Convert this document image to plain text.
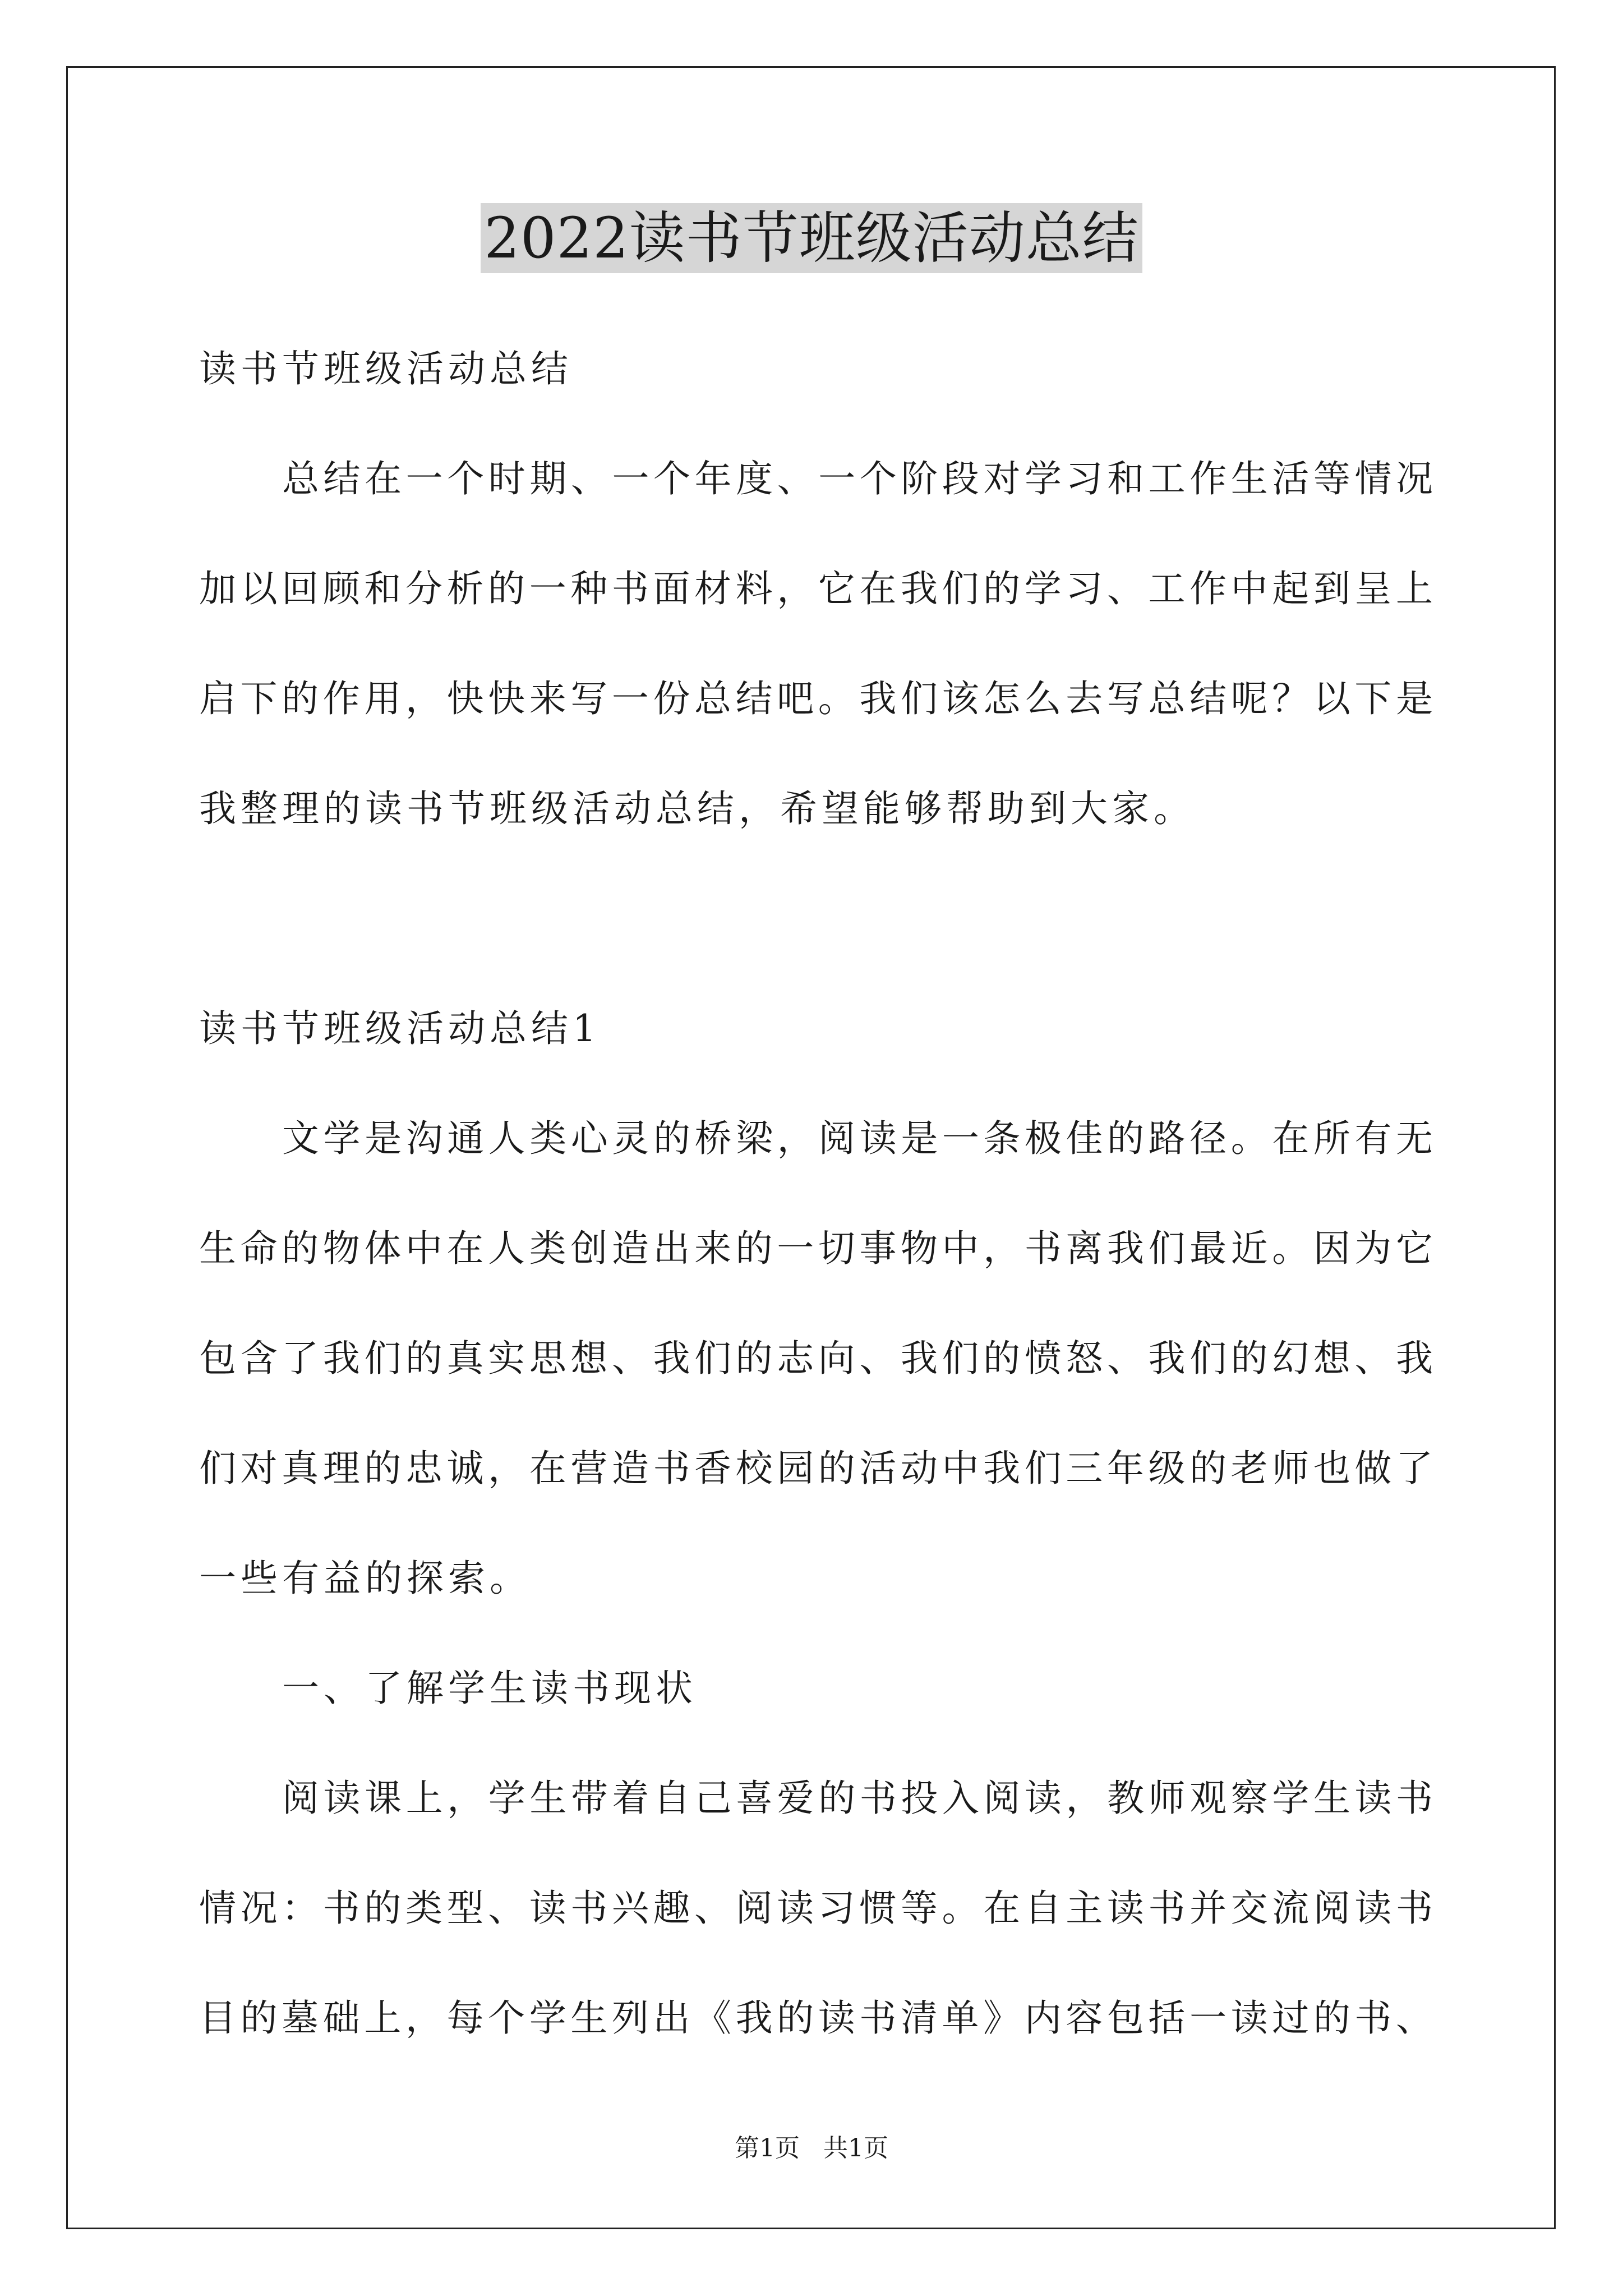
2022读书节班级活动总结
读书节班级活动总结
总结在一个时期、一个年度、一个阶段对学习和工作生活等情况
加以回顾和分析的一种书面材料，它在我们的学习、工作中起到呈上
启下的作用，快快来写一份总结吧。我们该怎么去写总结呢？以下是
我整理的读书节班级活动总结，希望能够帮助到大家。
读书节班级活动总结1
文学是沟通人类心灵的桥梁，阅读是一条极佳的路径。在所有无
生命的物体中在人类创造出来的一切事物中，书离我们最近。因为它
包含了我们的真实思想、我们的志向、我们的愤怒、我们的幻想、我
们对真理的忠诚，在营造书香校园的活动中我们三年级的老师也做了
一些有益的探索。
一、了解学生读书现状
阅读课上，学生带着自己喜爱的书投入阅读，教师观察学生读书
情况：书的类型、读书兴趣、阅读习惯等。在自主读书并交流阅读书
目的墓础上，每个学生列出《我的读书清单》内容包括一读过的书、
第1页   共1页
